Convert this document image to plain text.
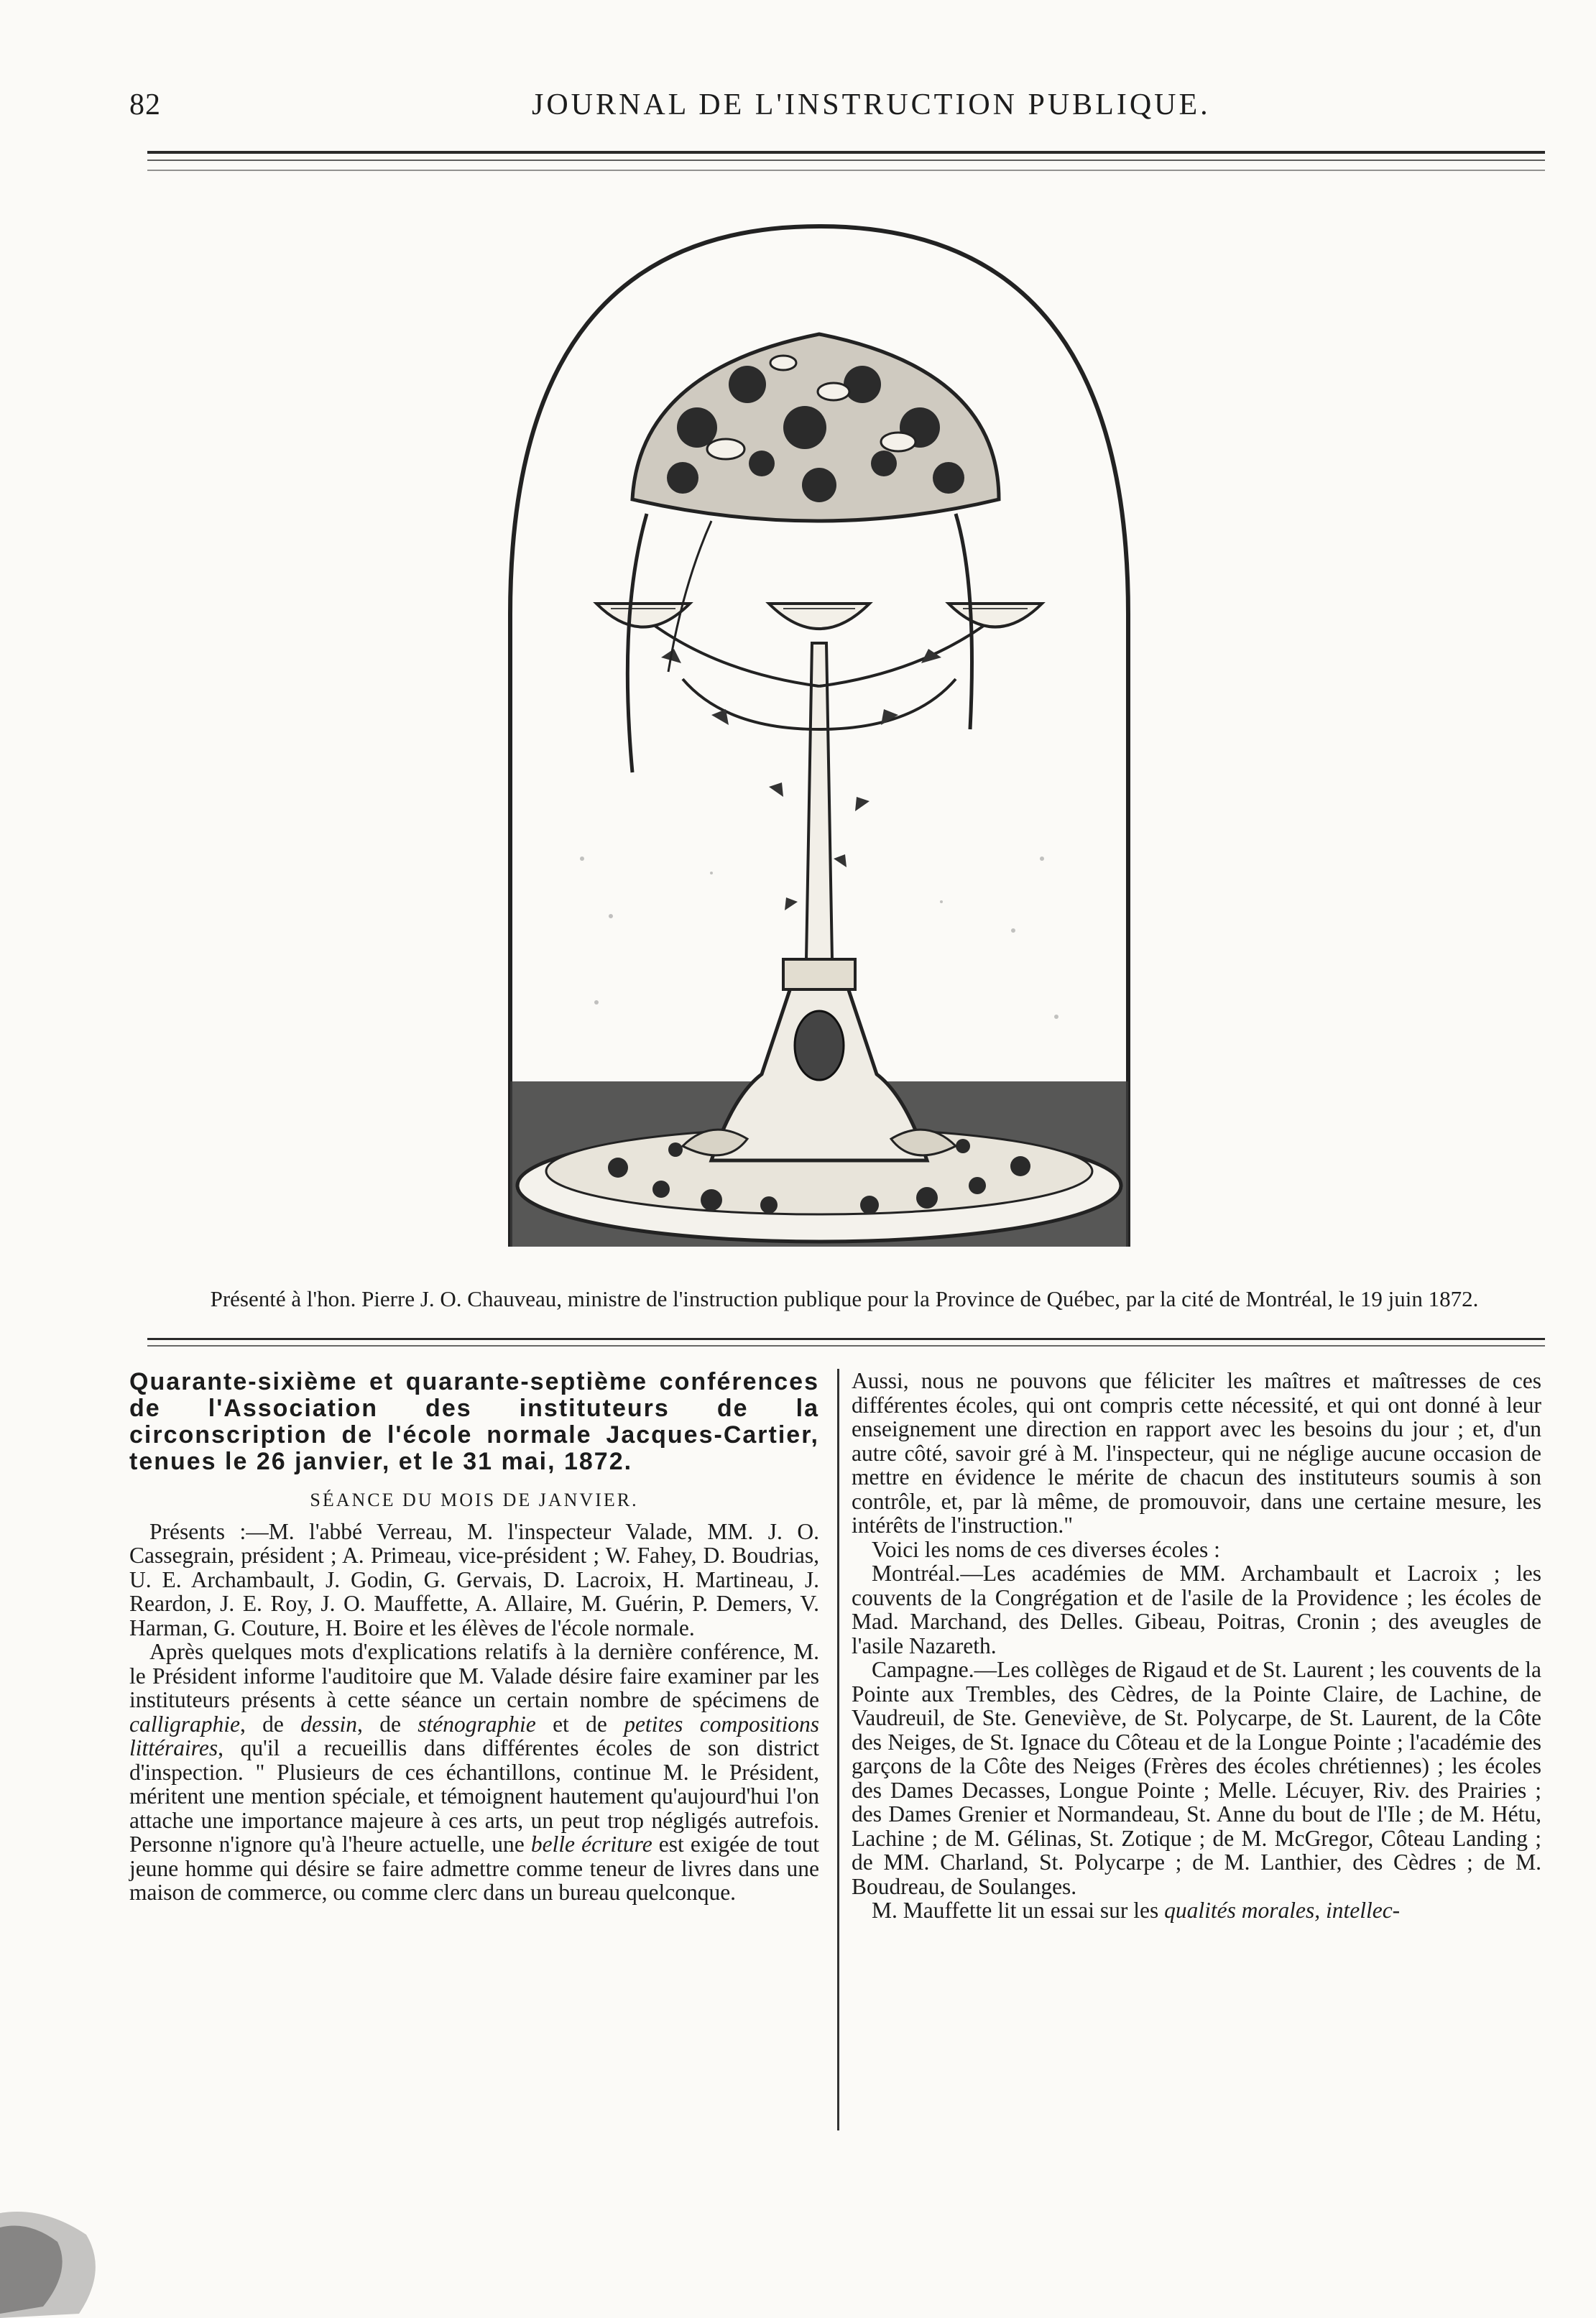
82	JOURNAL DE L'INSTRUCTION PUBLIQUE.
Présenté à l'hon. Pierre J. O. Chauveau, ministre de l'instruction publique pour la Province de Québec, par la cité de Montréal, le 19 juin 1872.
Quarante-sixième et quarante-septième conférences de l'Association des instituteurs de la circonscription de l'école normale Jacques-Cartier, tenues le 26 janvier, et le 31 mai, 1872.
SÉANCE DU MOIS DE JANVIER.

Présents :—M. l'abbé Verreau, M. l'inspecteur Valade, MM. J. O. Cassegrain, président ; A. Primeau, vice-président ; W. Fahey, D. Boudrias, U. E. Archambault, J. Godin, G. Gervais, D. Lacroix, H. Martineau, J. Reardon, J. E. Roy, J. O. Mauffette, A. Allaire, M. Guérin, P. Demers, V. Harman, G. Couture, H. Boire et les élèves de l'école normale.

Après quelques mots d'explications relatifs à la dernière conférence, M. le Président informe l'auditoire que M. Valade désire faire examiner par les instituteurs présents à cette séance un certain nombre de spécimens de calligraphie, de dessin, de sténographie et de petites compositions littéraires, qu'il a recueillis dans différentes écoles de son district d'inspection. " Plusieurs de ces échantillons, continue M. le Président, méritent une mention spéciale, et témoignent hautement qu'aujourd'hui l'on attache une importance majeure à ces arts, un peut trop négligés autrefois. Personne n'ignore qu'à l'heure actuelle, une belle écriture est exigée de tout jeune homme qui désire se faire admettre comme teneur de livres dans une maison de commerce, ou comme clerc dans un bureau quelconque.

Aussi, nous ne pouvons que féliciter les maîtres et maîtresses de ces différentes écoles, qui ont compris cette nécessité, et qui ont donné à leur enseignement une direction en rapport avec les besoins du jour ; et, d'un autre côté, savoir gré à M. l'inspecteur, qui ne néglige aucune occasion de mettre en évidence le mérite de chacun des instituteurs soumis à son contrôle, et, par là même, de promouvoir, dans une certaine mesure, les intérêts de l'instruction."

Voici les noms de ces diverses écoles :

Montréal.—Les académies de MM. Archambault et Lacroix ; les couvents de la Congrégation et de l'asile de la Providence ; les écoles de Mad. Marchand, des Delles. Gibeau, Poitras, Cronin ; des aveugles de l'asile Nazareth.

Campagne.—Les collèges de Rigaud et de St. Laurent ; les couvents de la Pointe aux Trembles, des Cèdres, de la Pointe Claire, de Lachine, de Vaudreuil, de Ste. Geneviève, de St. Polycarpe, de St. Laurent, de la Côte des Neiges, de St. Ignace du Côteau et de la Longue Pointe ; l'académie des garçons de la Côte des Neiges (Frères des écoles chrétiennes) ; les écoles des Dames Decasses, Longue Pointe ; Melle. Lécuyer, Riv. des Prairies ; des Dames Grenier et Normandeau, St. Anne du bout de l'Ile ; de M. Hétu, Lachine ; de M. Gélinas, St. Zotique ; de M. McGregor, Côteau Landing ; de MM. Charland, St. Polycarpe ; de M. Lanthier, des Cèdres ; de M. Boudreau, de Soulanges.

M. Mauffette lit un essai sur les qualités morales, intellec-
